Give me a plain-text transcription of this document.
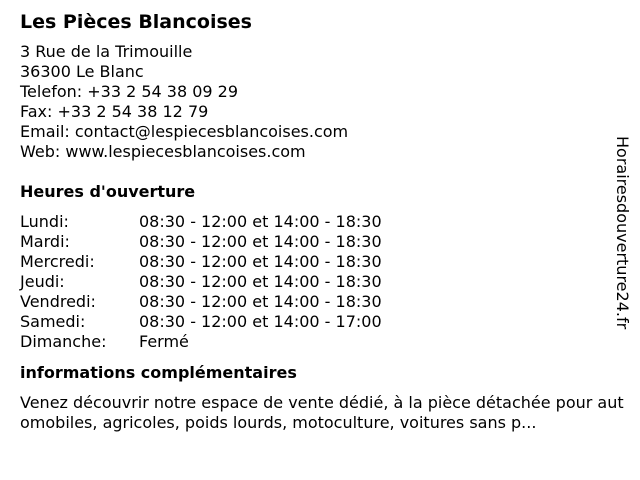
Les Pièces Blancoises
3 Rue de la Trimouille
36300 Le Blanc
Telefon: +33 2 54 38 09 29
Fax: +33 2 54 38 12 79
Email: contact@lespiecesblancoises.com
Web: www.lespiecesblancoises.com
Heures d'ouverture
Lundi:	08:30 - 12:00 et 14:00 - 18:30
Mardi:	08:30 - 12:00 et 14:00 - 18:30
Mercredi:	08:30 - 12:00 et 14:00 - 18:30
Jeudi:	08:30 - 12:00 et 14:00 - 18:30
Vendredi:	08:30 - 12:00 et 14:00 - 18:30
Samedi:	08:30 - 12:00 et 14:00 - 17:00
Dimanche:	Fermé
informations complémentaires

Venez découvrir notre espace de vente dédié, à la pièce détachée pour automobiles, agricoles, poids lourds, motoculture, voitures sans p...

Horairesdouverture24.fr
